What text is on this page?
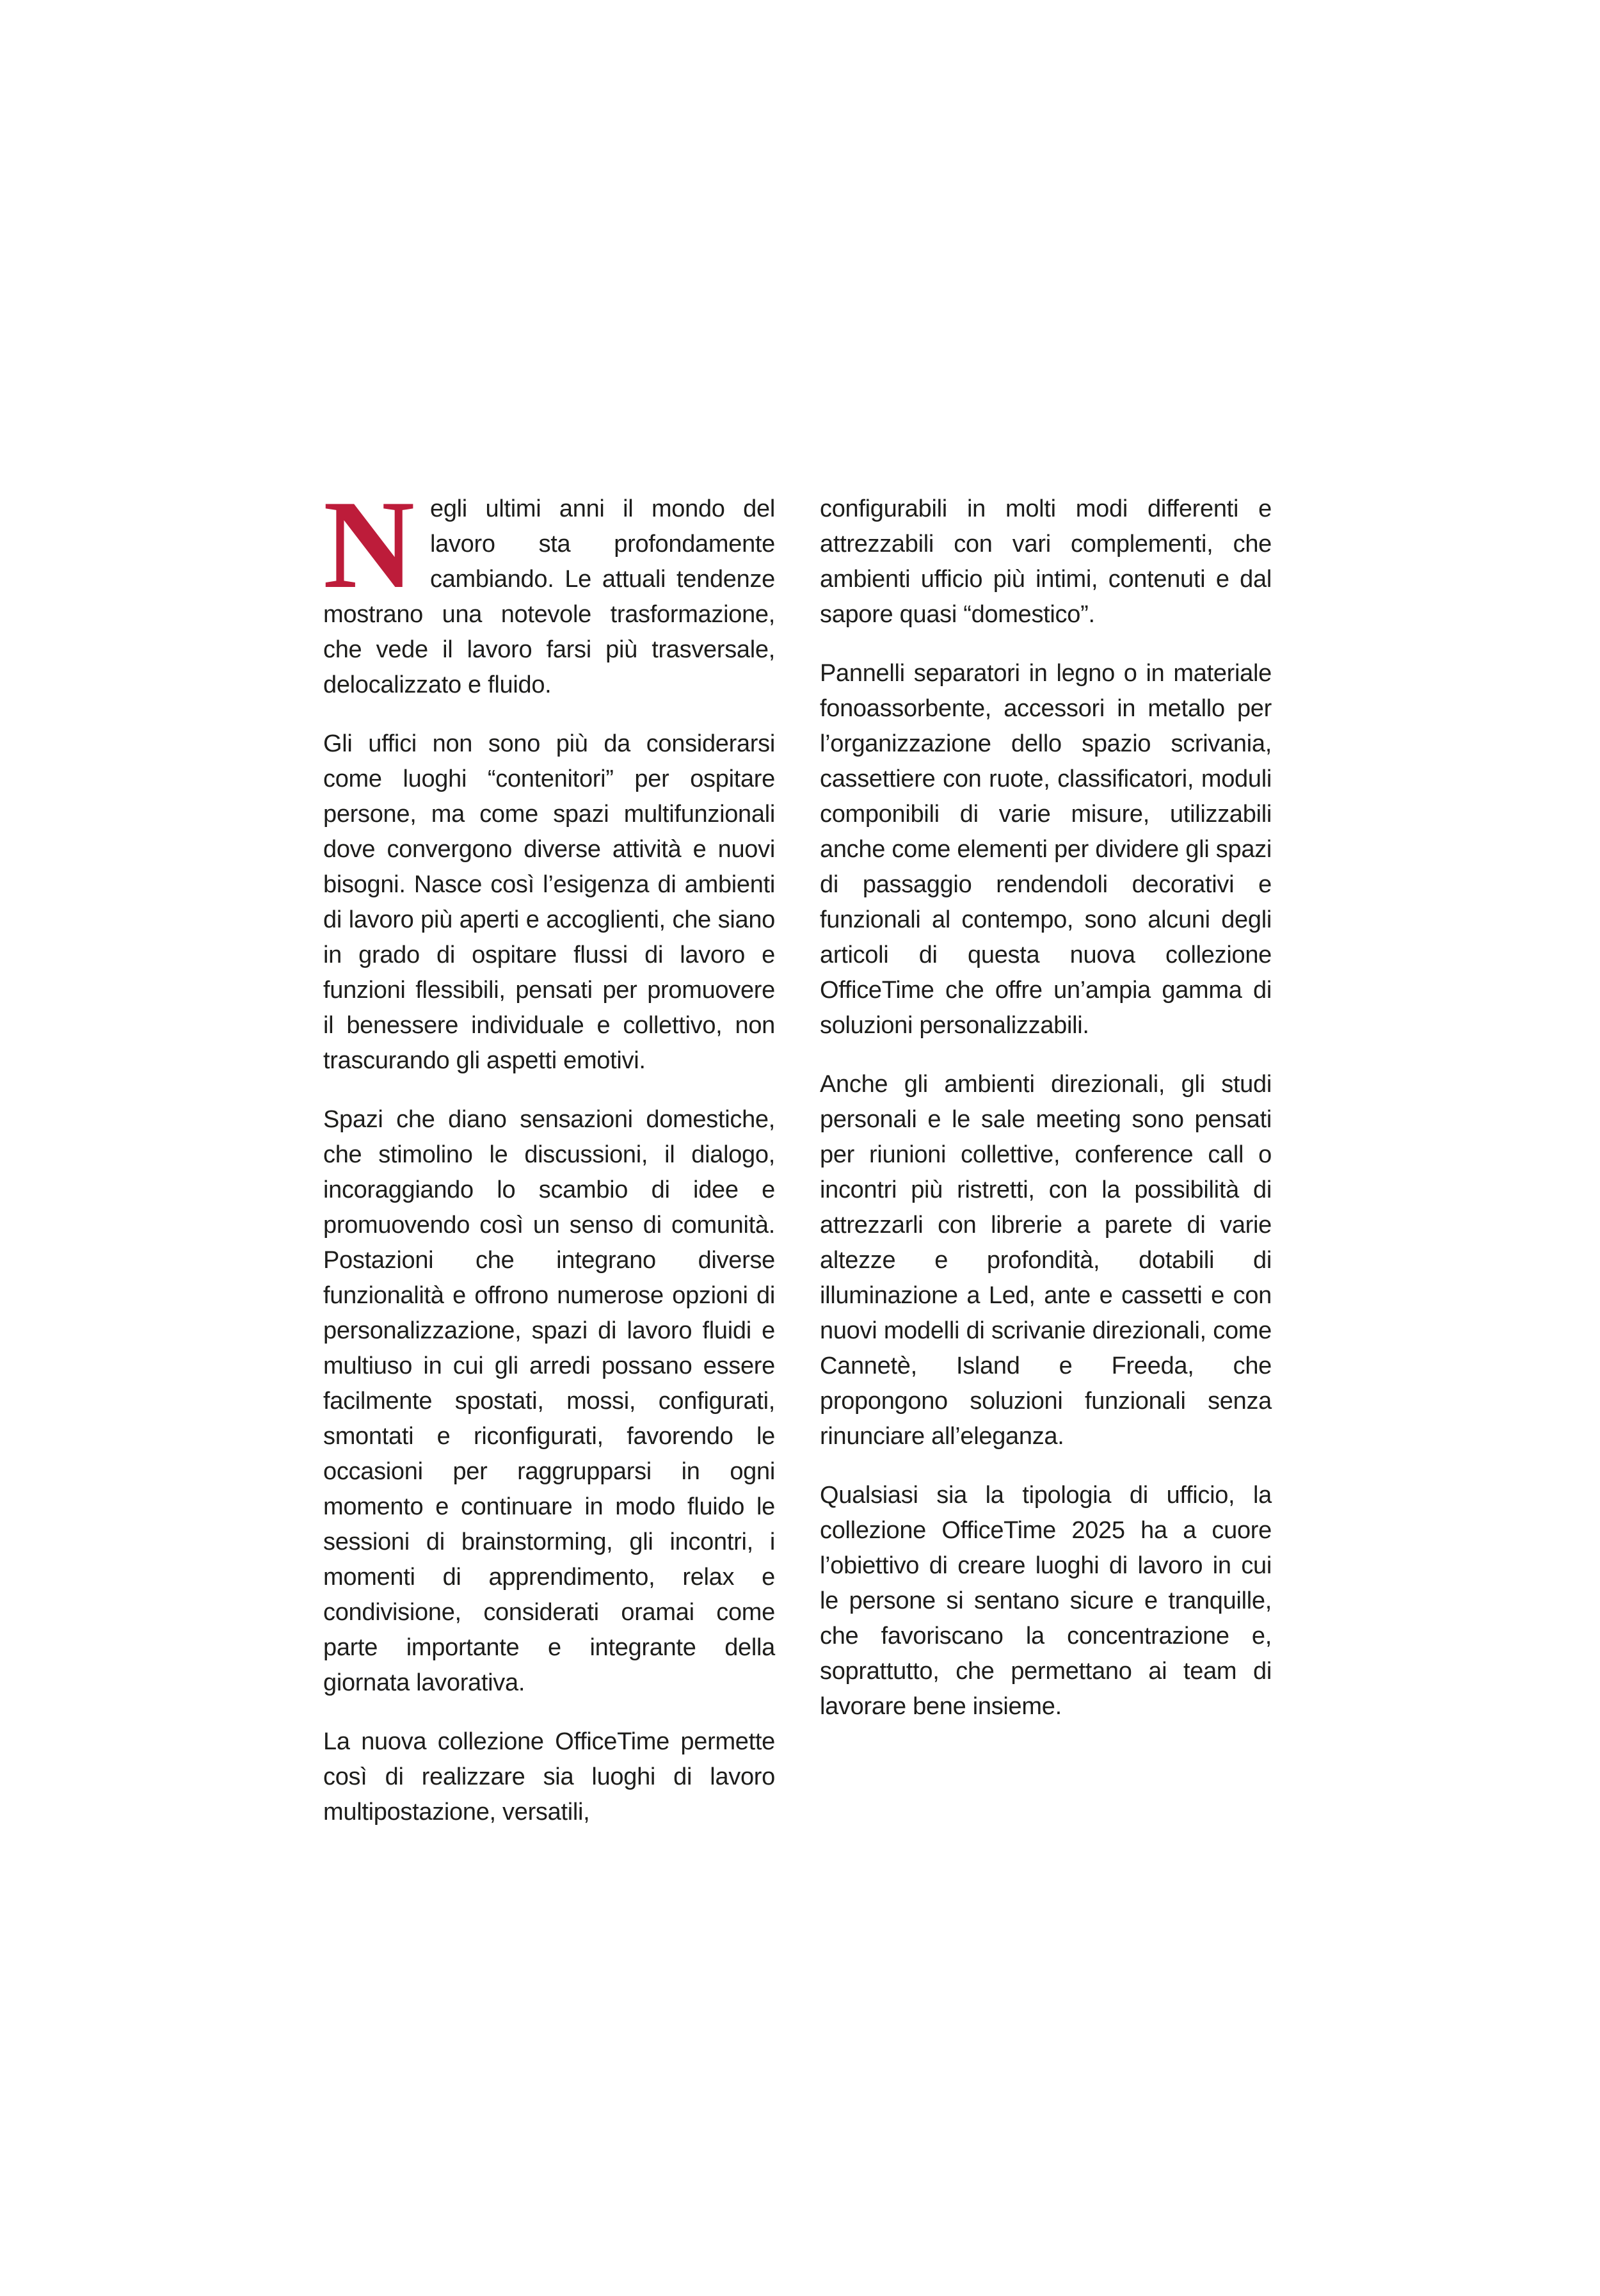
Negli ultimi anni il mondo del lavoro sta profondamente cambiando. Le attuali tendenze mostrano una notevole trasformazione, che vede il lavoro farsi più trasversale, delocalizzato e fluido.

Gli uffici non sono più da considerarsi come luoghi “contenitori” per ospitare persone, ma come spazi multifunzionali dove convergono diverse attività e nuovi bisogni. Nasce così l’esigenza di ambienti di lavoro più aperti e accoglienti, che siano in grado di ospitare flussi di lavoro e funzioni flessibili, pensati per promuovere il benessere individuale e collettivo, non trascurando gli aspetti emotivi.

Spazi che diano sensazioni domestiche, che stimolino le discussioni, il dialogo, incoraggiando lo scambio di idee e promuovendo così un senso di comunità. Postazioni che integrano diverse funzionalità e offrono numerose opzioni di personalizzazione, spazi di lavoro fluidi e multiuso in cui gli arredi possano essere facilmente spostati, mossi, configurati, smontati e riconfigurati, favorendo le occasioni per raggrupparsi in ogni momento e continuare in modo fluido le sessioni di brainstorming, gli incontri, i momenti di apprendimento, relax e condivisione, considerati oramai come parte importante e integrante della giornata lavorativa.

La nuova collezione OfficeTime permette così di realizzare sia luoghi di lavoro multipostazione, versatili,

configurabili in molti modi differenti e attrezzabili con vari complementi, che ambienti ufficio più intimi, contenuti e dal sapore quasi “domestico”.

Pannelli separatori in legno o in materiale fonoassorbente, accessori in metallo per l’organizzazione dello spazio scrivania, cassettiere con ruote, classificatori, moduli componibili di varie misure, utilizzabili anche come elementi per dividere gli spazi di passaggio rendendoli decorativi e funzionali al contempo, sono alcuni degli articoli di questa nuova collezione OfficeTime che offre un’ampia gamma di soluzioni personalizzabili.

Anche gli ambienti direzionali, gli studi personali e le sale meeting sono pensati per riunioni collettive, conference call o incontri più ristretti, con la possibilità di attrezzarli con librerie a parete di varie altezze e profondità, dotabili di illuminazione a Led, ante e cassetti e con nuovi modelli di scrivanie direzionali, come Cannetè, Island e Freeda, che propongono soluzioni funzionali senza rinunciare all’eleganza.

Qualsiasi sia la tipologia di ufficio, la collezione OfficeTime 2025 ha a cuore l’obiettivo di creare luoghi di lavoro in cui le persone si sentano sicure e tranquille, che favoriscano la concentrazione e, soprattutto, che permettano ai team di lavorare bene insieme.
